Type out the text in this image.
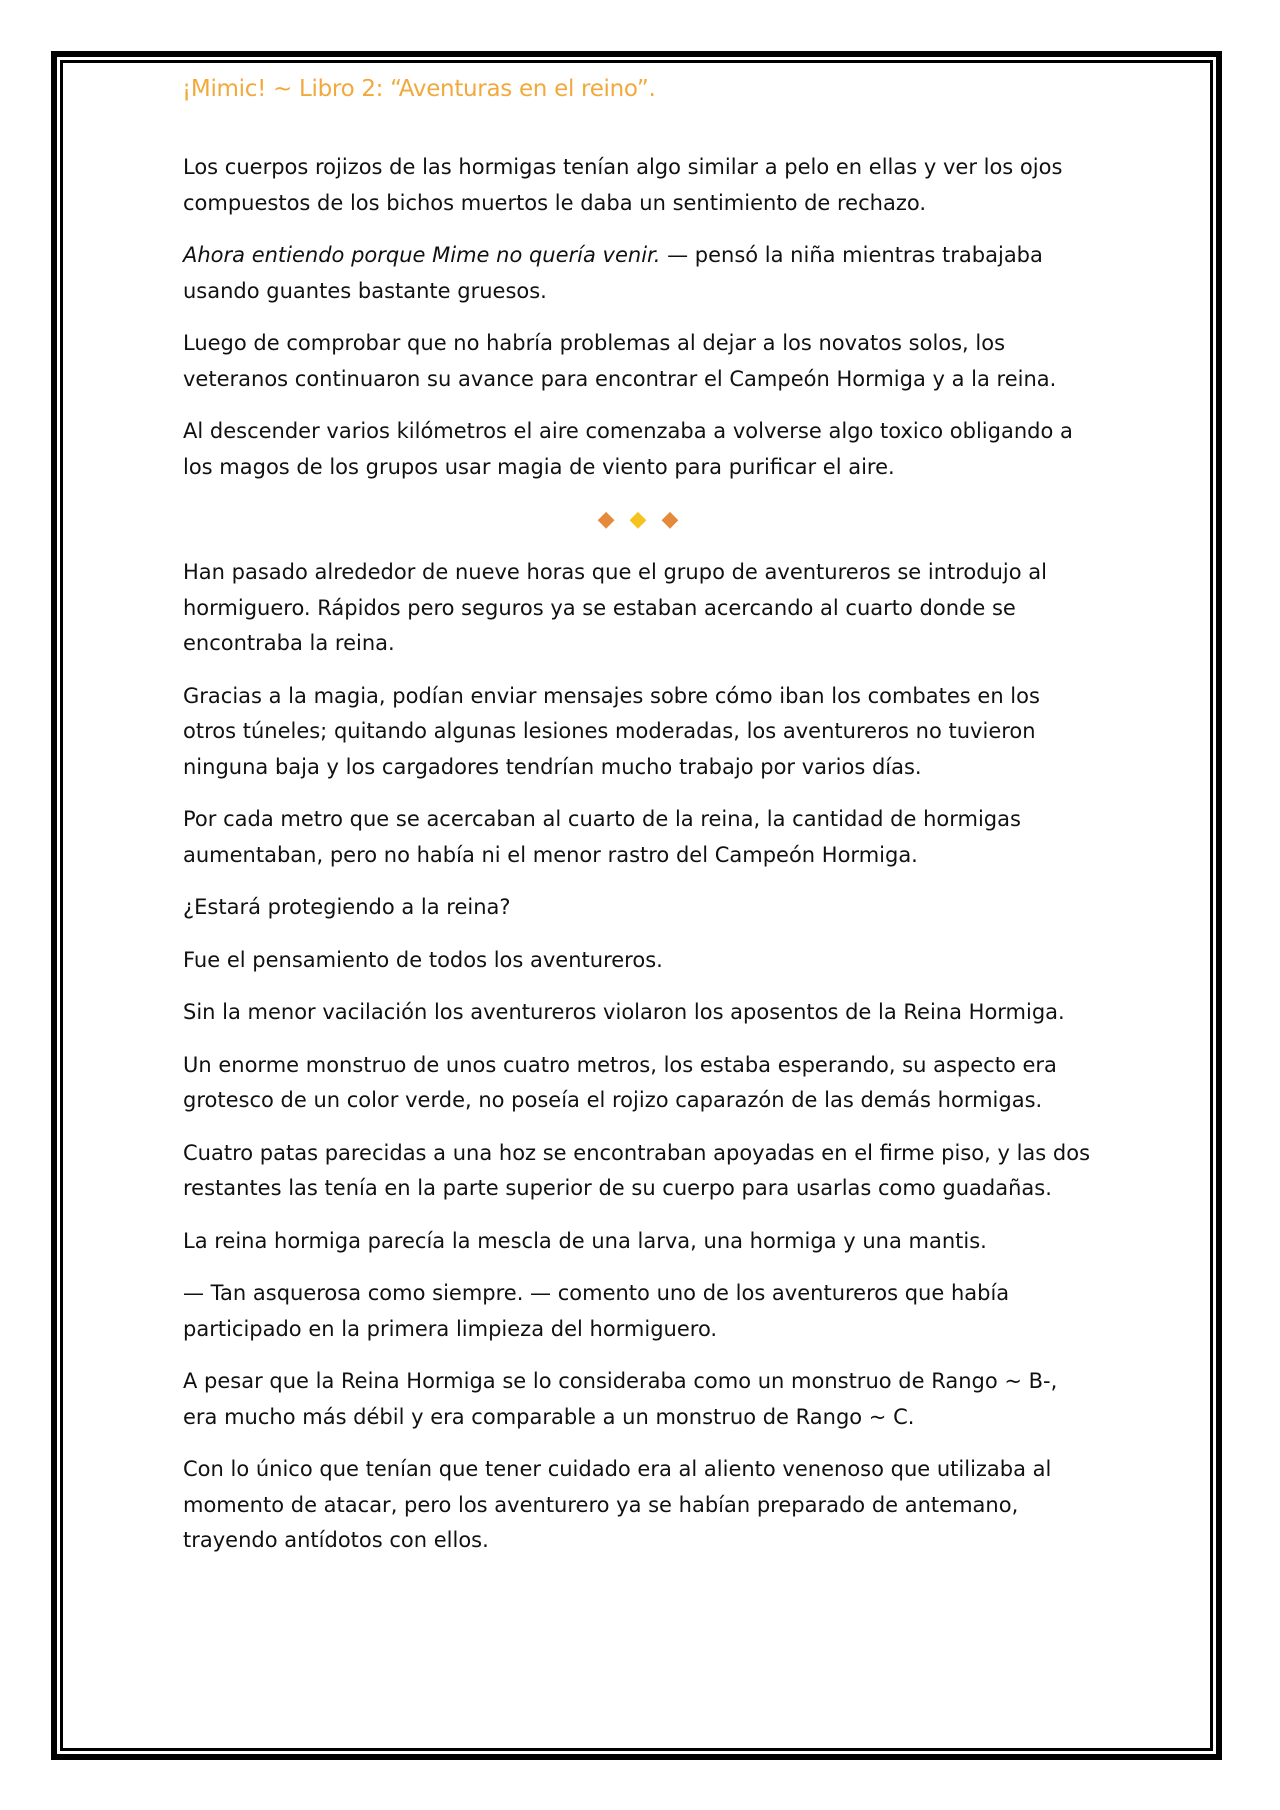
¡Mimic! ~ Libro 2: “Aventuras en el reino”.

Los cuerpos rojizos de las hormigas tenían algo similar a pelo en ellas y ver los ojos compuestos de los bichos muertos le daba un sentimiento de rechazo.

Ahora entiendo porque Mime no quería venir. — pensó la niña mientras trabajaba usando guantes bastante gruesos.

Luego de comprobar que no habría problemas al dejar a los novatos solos, los veteranos continuaron su avance para encontrar el Campeón Hormiga y a la reina.

Al descender varios kilómetros el aire comenzaba a volverse algo toxico obligando a los magos de los grupos usar magia de viento para purificar el aire.

◆ ◆ ◆

Han pasado alrededor de nueve horas que el grupo de aventureros se introdujo al hormiguero. Rápidos pero seguros ya se estaban acercando al cuarto donde se encontraba la reina.

Gracias a la magia, podían enviar mensajes sobre cómo iban los combates en los otros túneles; quitando algunas lesiones moderadas, los aventureros no tuvieron ninguna baja y los cargadores tendrían mucho trabajo por varios días.

Por cada metro que se acercaban al cuarto de la reina, la cantidad de hormigas aumentaban, pero no había ni el menor rastro del Campeón Hormiga.

¿Estará protegiendo a la reina?

Fue el pensamiento de todos los aventureros.

Sin la menor vacilación los aventureros violaron los aposentos de la Reina Hormiga.

Un enorme monstruo de unos cuatro metros, los estaba esperando, su aspecto era grotesco de un color verde, no poseía el rojizo caparazón de las demás hormigas.

Cuatro patas parecidas a una hoz se encontraban apoyadas en el firme piso, y las dos restantes las tenía en la parte superior de su cuerpo para usarlas como guadañas.

La reina hormiga parecía la mescla de una larva, una hormiga y una mantis.

— Tan asquerosa como siempre. — comento uno de los aventureros que había participado en la primera limpieza del hormiguero.

A pesar que la Reina Hormiga se lo consideraba como un monstruo de Rango ~ B-, era mucho más débil y era comparable a un monstruo de Rango ~ C.

Con lo único que tenían que tener cuidado era al aliento venenoso que utilizaba al momento de atacar, pero los aventurero ya se habían preparado de antemano, trayendo antídotos con ellos.
